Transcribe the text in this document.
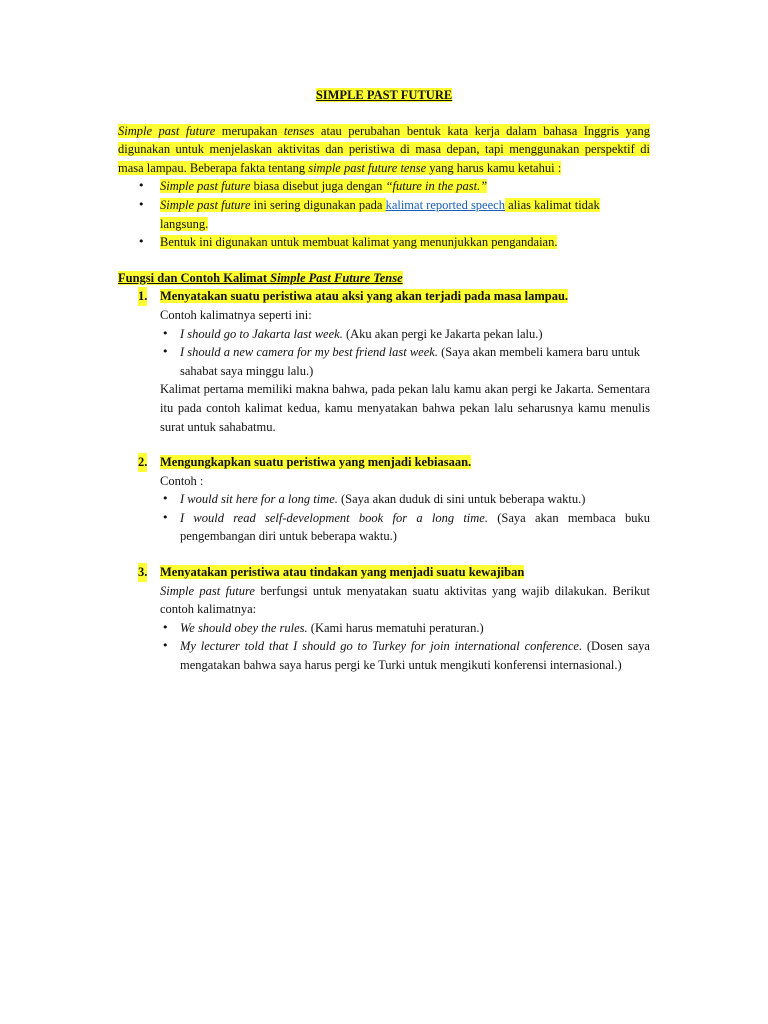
SIMPLE PAST FUTURE
Simple past future merupakan tenses atau perubahan bentuk kata kerja dalam bahasa Inggris yang digunakan untuk menjelaskan aktivitas dan peristiwa di masa depan, tapi menggunakan perspektif di masa lampau. Beberapa fakta tentang simple past future tense yang harus kamu ketahui :
• Simple past future biasa disebut juga dengan “future in the past.”
• Simple past future ini sering digunakan pada kalimat reported speech alias kalimat tidak langsung.
• Bentuk ini digunakan untuk membuat kalimat yang menunjukkan pengandaian.
Fungsi dan Contoh Kalimat Simple Past Future Tense
1. Menyatakan suatu peristiwa atau aksi yang akan terjadi pada masa lampau.
Contoh kalimatnya seperti ini:
• I should go to Jakarta last week. (Aku akan pergi ke Jakarta pekan lalu.)
• I should a new camera for my best friend last week. (Saya akan membeli kamera baru untuk sahabat saya minggu lalu.)
Kalimat pertama memiliki makna bahwa, pada pekan lalu kamu akan pergi ke Jakarta. Sementara itu pada contoh kalimat kedua, kamu menyatakan bahwa pekan lalu seharusnya kamu menulis surat untuk sahabatmu.
2. Mengungkapkan suatu peristiwa yang menjadi kebiasaan.
Contoh :
• I would sit here for a long time. (Saya akan duduk di sini untuk beberapa waktu.)
• I would read self-development book for a long time. (Saya akan membaca buku pengembangan diri untuk beberapa waktu.)
3. Menyatakan peristiwa atau tindakan yang menjadi suatu kewajiban
Simple past future berfungsi untuk menyatakan suatu aktivitas yang wajib dilakukan. Berikut contoh kalimatnya:
• We should obey the rules. (Kami harus mematuhi peraturan.)
• My lecturer told that I should go to Turkey for join international conference. (Dosen saya mengatakan bahwa saya harus pergi ke Turki untuk mengikuti konferensi internasional.)
